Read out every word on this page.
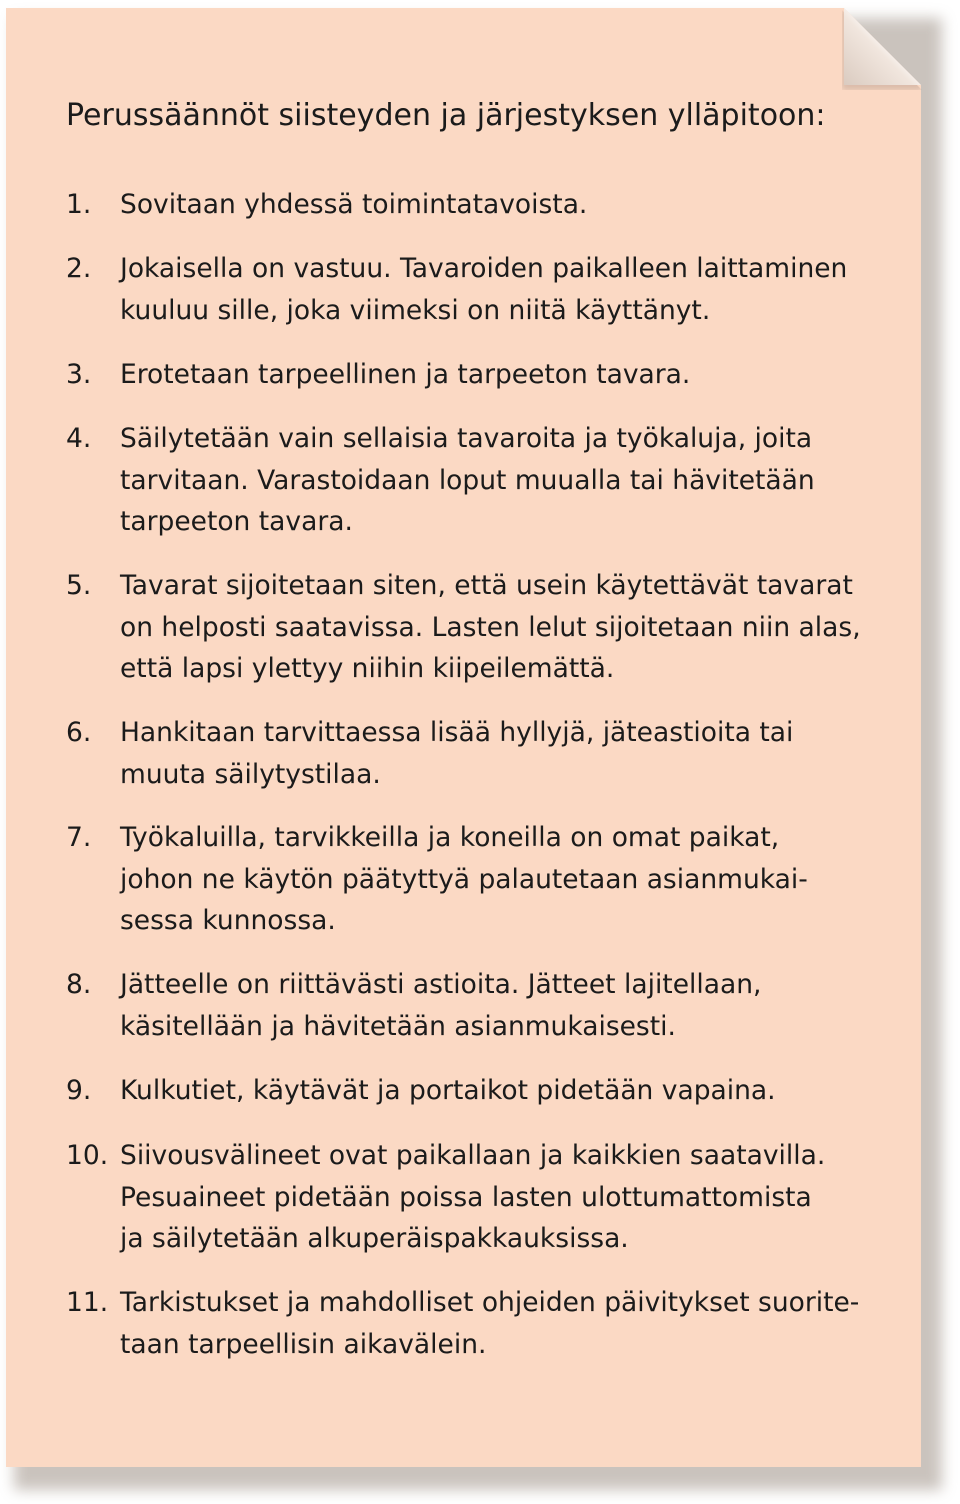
Perussäännöt siisteyden ja järjestyksen ylläpitoon:
1. Sovitaan yhdessä toimintatavoista.
2. Jokaisella on vastuu. Tavaroiden paikalleen laittaminen
kuuluu sille, joka viimeksi on niitä käyttänyt.
3. Erotetaan tarpeellinen ja tarpeeton tavara.
4. Säilytetään vain sellaisia tavaroita ja työkaluja, joita
tarvitaan. Varastoidaan loput muualla tai hävitetään
tarpeeton tavara.
5. Tavarat sijoitetaan siten, että usein käytettävät tavarat
on helposti saatavissa. Lasten lelut sijoitetaan niin alas,
että lapsi ylettyy niihin kiipeilemättä.
6. Hankitaan tarvittaessa lisää hyllyjä, jäteastioita tai
muuta säilytystilaa.
7. Työkaluilla, tarvikkeilla ja koneilla on omat paikat,
johon ne käytön päätyttyä palautetaan asianmukai-
sessa kunnossa.
8. Jätteelle on riittävästi astioita. Jätteet lajitellaan,
käsitellään ja hävitetään asianmukaisesti.
9. Kulkutiet, käytävät ja portaikot pidetään vapaina.
10. Siivousvälineet ovat paikallaan ja kaikkien saatavilla.
Pesuaineet pidetään poissa lasten ulottumattomista
ja säilytetään alkuperäispakkauksissa.
11. Tarkistukset ja mahdolliset ohjeiden päivitykset suorite-
taan tarpeellisin aikavälein.
